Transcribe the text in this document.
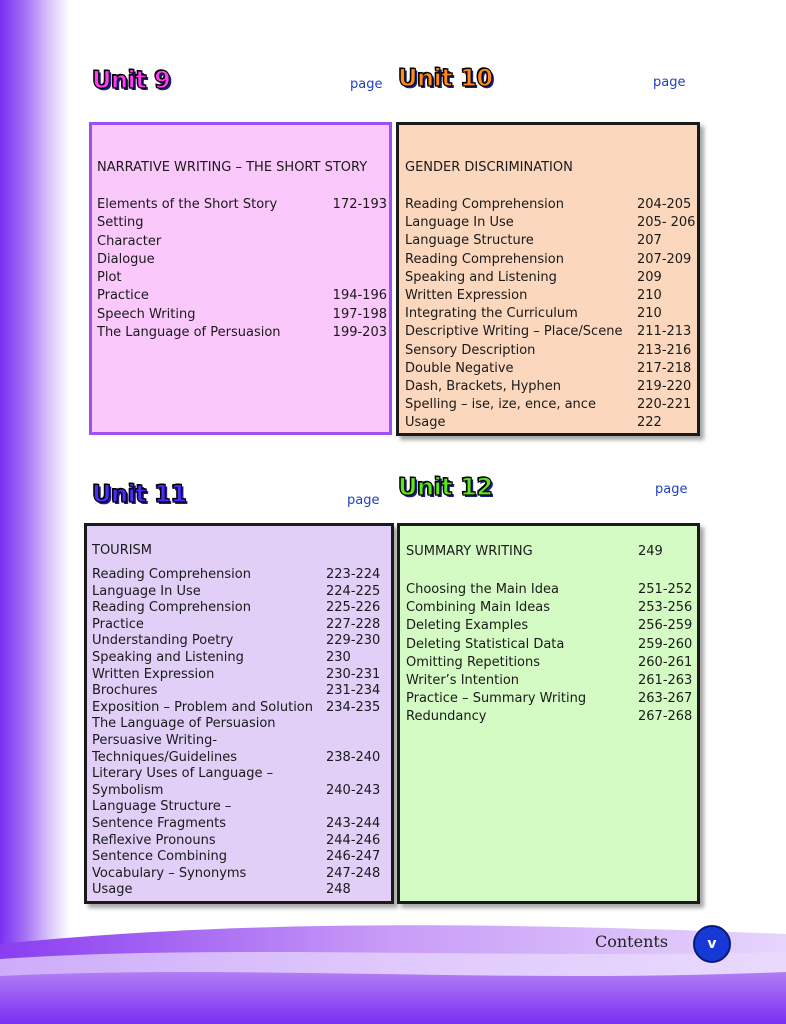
Unit 9	page
NARRATIVE WRITING – THE SHORT STORY
Elements of the Short Story	172-193
Setting
Character
Dialogue
Plot
Practice	194-196
Speech Writing	197-198
The Language of Persuasion	199-203
Unit 10	page
GENDER DISCRIMINATION
Reading Comprehension	204-205
Language In Use	205- 206
Language Structure	207
Reading Comprehension	207-209
Speaking and Listening	209
Written Expression	210
Integrating the Curriculum	210
Descriptive Writing – Place/Scene	211-213
Sensory Description	213-216
Double Negative	217-218
Dash, Brackets, Hyphen	219-220
Spelling – ise, ize, ence, ance	220-221
Usage	222
Unit 11	page
TOURISM
Reading Comprehension	223-224
Language In Use	224-225
Reading Comprehension	225-226
Practice	227-228
Understanding Poetry	229-230
Speaking and Listening	230
Written Expression	230-231
Brochures	231-234
Exposition – Problem and Solution	234-235
The Language of Persuasion
Persuasive Writing-
Techniques/Guidelines	238-240
Literary Uses of Language –
Symbolism	240-243
Language Structure –
Sentence Fragments	243-244
Reflexive Pronouns	244-246
Sentence Combining	246-247
Vocabulary – Synonyms	247-248
Usage	248
Unit 12	page
SUMMARY WRITING	249
Choosing the Main Idea	251-252
Combining Main Ideas	253-256
Deleting Examples	256-259
Deleting Statistical Data	259-260
Omitting Repetitions	260-261
Writer’s Intention	261-263
Practice – Summary Writing	263-267
Redundancy	267-268
Contents	v
